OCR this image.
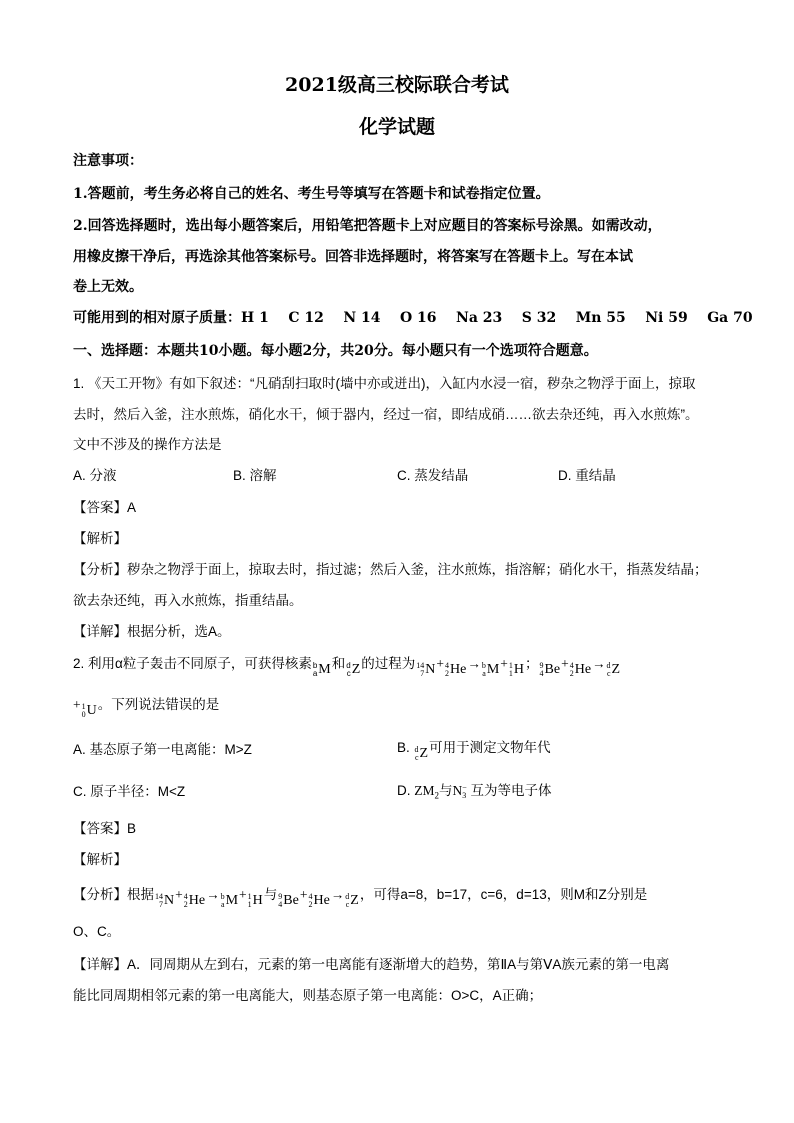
2021级高三校际联合考试
化学试题
注意事项：
1.答题前，考生务必将自己的姓名、考生号等填写在答题卡和试卷指定位置。
2.回答选择题时，选出每小题答案后，用铅笔把答题卡上对应题目的答案标号涂黑。如需改动，
用橡皮擦干净后，再选涂其他答案标号。回答非选择题时，将答案写在答题卡上。写在本试
卷上无效。
可能用到的相对原子质量：H 1    C 12    N 14    O 16    Na 23    S 32    Mn 55    Ni 59    Ga 70
一、选择题：本题共10小题。每小题2分，共20分。每小题只有一个选项符合题意。
1. 《天工开物》有如下叙述：“凡硝刮扫取时(墙中亦或迸出)，入缸内水浸一宿，秽杂之物浮于面上，掠取
去时，然后入釜，注水煎炼，硝化水干，倾于器内，经过一宿，即结成硝……欲去杂还纯，再入水煎炼”。
文中不涉及的操作方法是
A. 分液	B. 溶解	C. 蒸发结晶	D. 重结晶
【答案】A
【解析】
【分析】秽杂之物浮于面上，掠取去时，指过滤；然后入釜，注水煎炼，指溶解；硝化水干，指蒸发结晶；
欲去杂还纯，再入水煎炼，指重结晶。
【详解】根据分析，选A。
2. 利用α粒子轰击不同原子，可获得核素 b
a M 和 d
c Z 的过程为 14
7 N + 4
2 He → b
a M + 1
1 H ； 9
4 Be + 4
2 He → d
c Z
+ 1
0 U 。下列说法错误的是
A. 基态原子第一电离能：M>Z	B. d
c Z 可用于测定文物年代
C. 原子半径：M<Z	D. $ZM_2$与N −
3 互为等电子体
【答案】B
【解析】
【分析】根据 14
7 N + 4
2 He → b
a M + 1
1 H 与 9
4 Be + 4
2 He → d
c Z ，可得a=8，b=17，c=6，d=13，则M和Z分别是
O、C。
【详解】A．同周期从左到右，元素的第一电离能有逐渐增大的趋势，第ⅡA与第ⅤA族元素的第一电离
能比同周期相邻元素的第一电离能大，则基态原子第一电离能：O>C，A正确；
